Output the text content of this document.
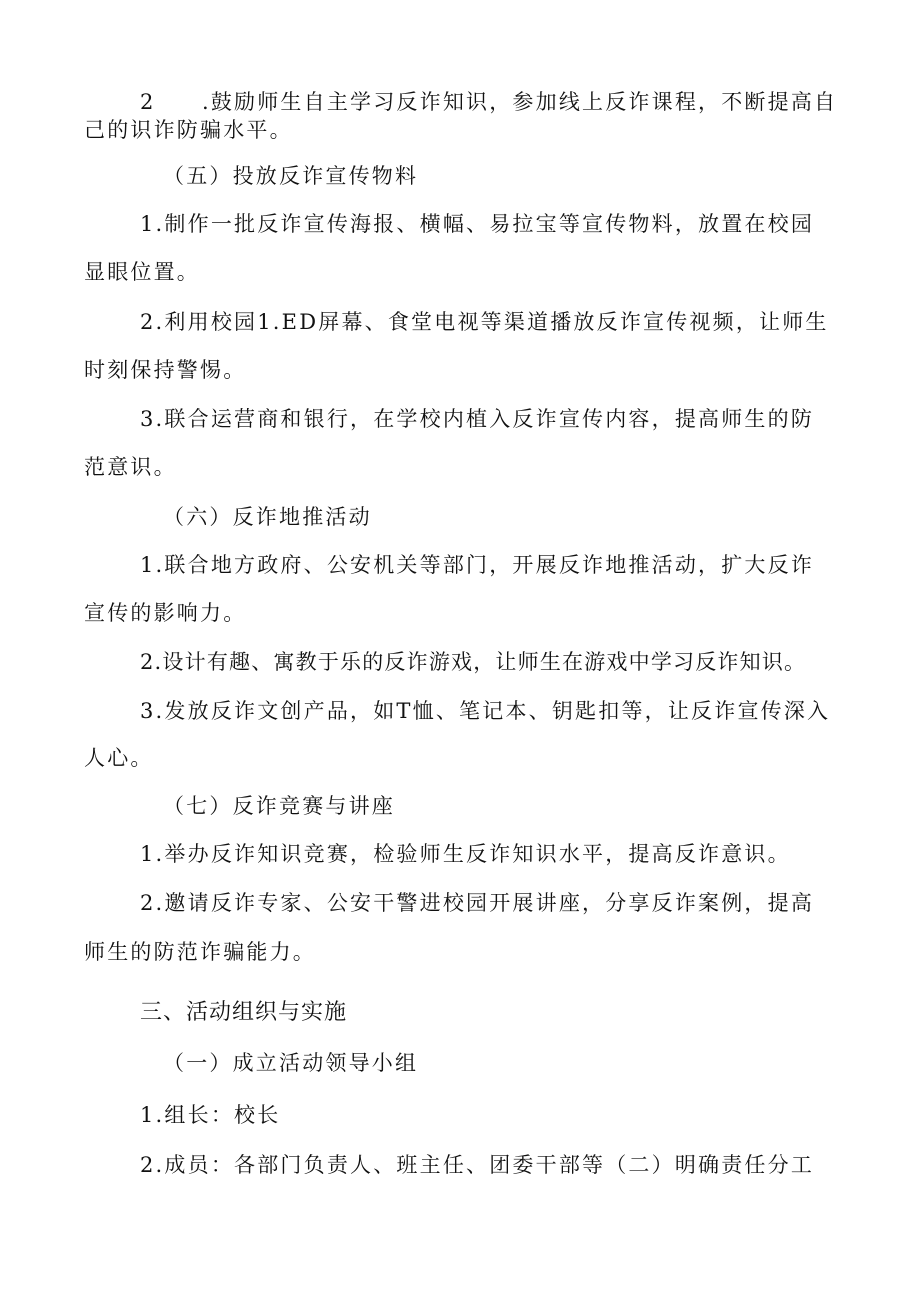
2　　.鼓励师生自主学习反诈知识，参加线上反诈课程，不断提高自
己的识诈防骗水平。
（五）投放反诈宣传物料
1.制作一批反诈宣传海报、横幅、易拉宝等宣传物料，放置在校园
显眼位置。
2.利用校园1.ED屏幕、食堂电视等渠道播放反诈宣传视频，让师生
时刻保持警惕。
3.联合运营商和银行，在学校内植入反诈宣传内容，提高师生的防
范意识。
（六）反诈地推活动
1.联合地方政府、公安机关等部门，开展反诈地推活动，扩大反诈
宣传的影响力。
2.设计有趣、寓教于乐的反诈游戏，让师生在游戏中学习反诈知识。
3.发放反诈文创产品，如T恤、笔记本、钥匙扣等，让反诈宣传深入
人心。
（七）反诈竞赛与讲座
1.举办反诈知识竞赛，检验师生反诈知识水平，提高反诈意识。
2.邀请反诈专家、公安干警进校园开展讲座，分享反诈案例，提高
师生的防范诈骗能力。
三、活动组织与实施
（一）成立活动领导小组
1.组长：校长
2.成员：各部门负责人、班主任、团委干部等（二）明确责任分工
